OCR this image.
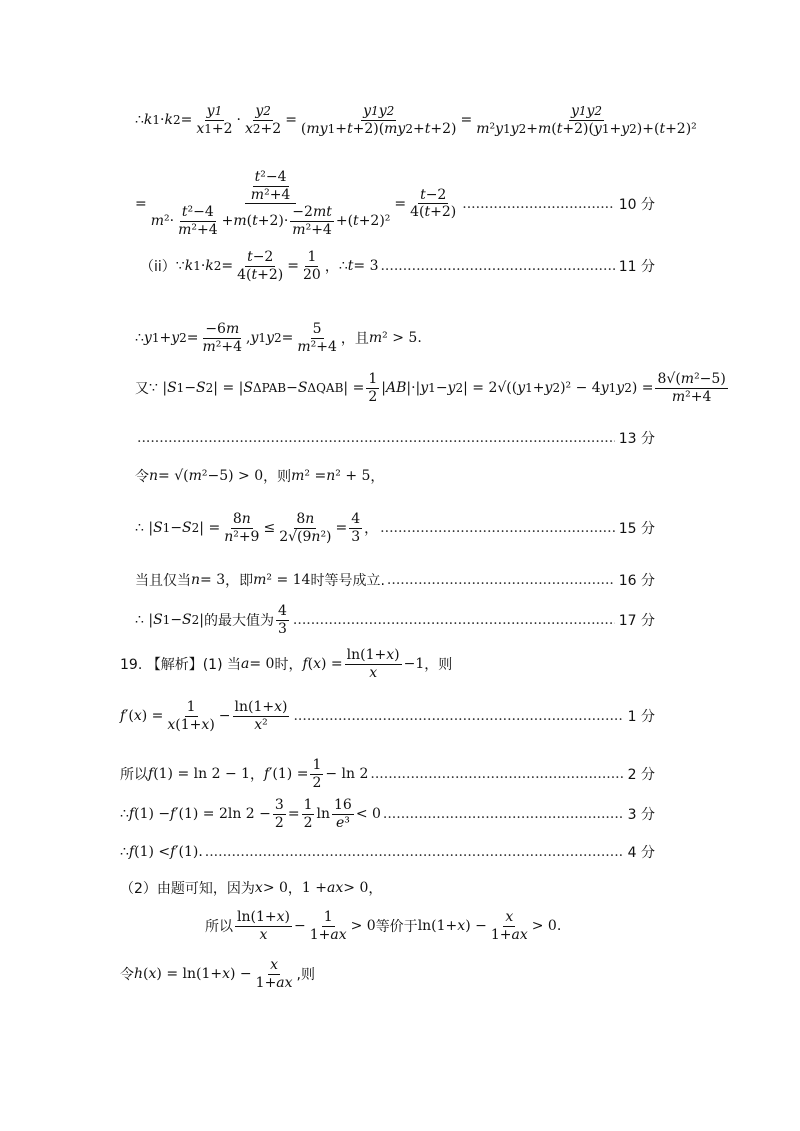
∴ k 1 · k $2 = \frac{y1}{x1+2} \cdot \frac{y2}{x2+2} = \frac{y1y2}{(my1+t+2)(my2+t+2)} = \frac{y1y2}{\text{m²y1y2+m(t+2)(y1+y2)+(t+2)²}}$
=
$\frac{\text{t²−4}}{\text{m²+4}}$
$m^2\cdot \frac{\text{t²−4}}{\text{m²+4}} +m(t+2)\cdot \frac{-2mt}{\text{m²+4}} +(t+2)^2$
= $\frac{t-2}{4(t+2)}$ .....	10 分
（ii） ∵ k 1 · k $2 = \frac{t-2}{4(t+2)} = \frac{1}{20}$ ， ∴ t = 3 .....	11 分
∴ y 1 + y $2 = \frac{-6m}{\text{m²+4}}$ , y 1 y $2 = \frac{5}{\text{m²+4}}$ ，且 m ² > 5.
又 ∵ | S 1 − S 2 | = | S ΔPAB − S ΔQAB | = $\frac{1}{2}$ | AB |·| y 1 − y 2 | = 2√(( y 1 + y 2 )² − 4 y 1 y 2 ) = $\frac{\text{8√(m²−5)}}{\text{m²+4}}$
.....
13 分
令 n = √( m ²−5) > 0 ，则 m ² = n ² + 5 ，
∴ | S 1 − S 2 | = $\frac{8n}{\text{n²+9}} \le \frac{8n}{\text{2√(9n²)}} = \frac{4}{3}$ ， .....	15 分
当且仅当 n = 3 ，即 m ² = 14 时等号成立. .....	16 分
∴ | S 1 − S 2 | 的最大值为
4
3 .....	17 分
19. 【解析】(1) 当 a = 0 时， f ( x ) = $\frac{\ln(1+x)}{x} -1$ ，则
f ′( x ) = $\frac{1}{x(1+x)} - \frac{\ln(1+x)}{\text{x²}}$ .....	1 分
所以 f (1) = ln 2 − 1 ， f $'(1) = \frac{1}{2} - \ln 2$ .....	2 分
∴ f (1) − f ′(1) = 2ln $2 - \frac{3}{2} = \frac{1}{2}$ ln
16
e³
< 0 .....	3 分
∴ f (1) < f ′(1). .....	4 分
（2）由题可知，因为 x > 0 ， 1 + ax > 0 ，
所以
ln(1+x)
x
− $\frac{1}{1+ax} > 0$ 等价于 ln(1+ x ) − $\frac{x}{1+ax} > 0$.
令 h ( x ) = ln(1+ x ) − $\frac{x}{1+ax}$ ,则
